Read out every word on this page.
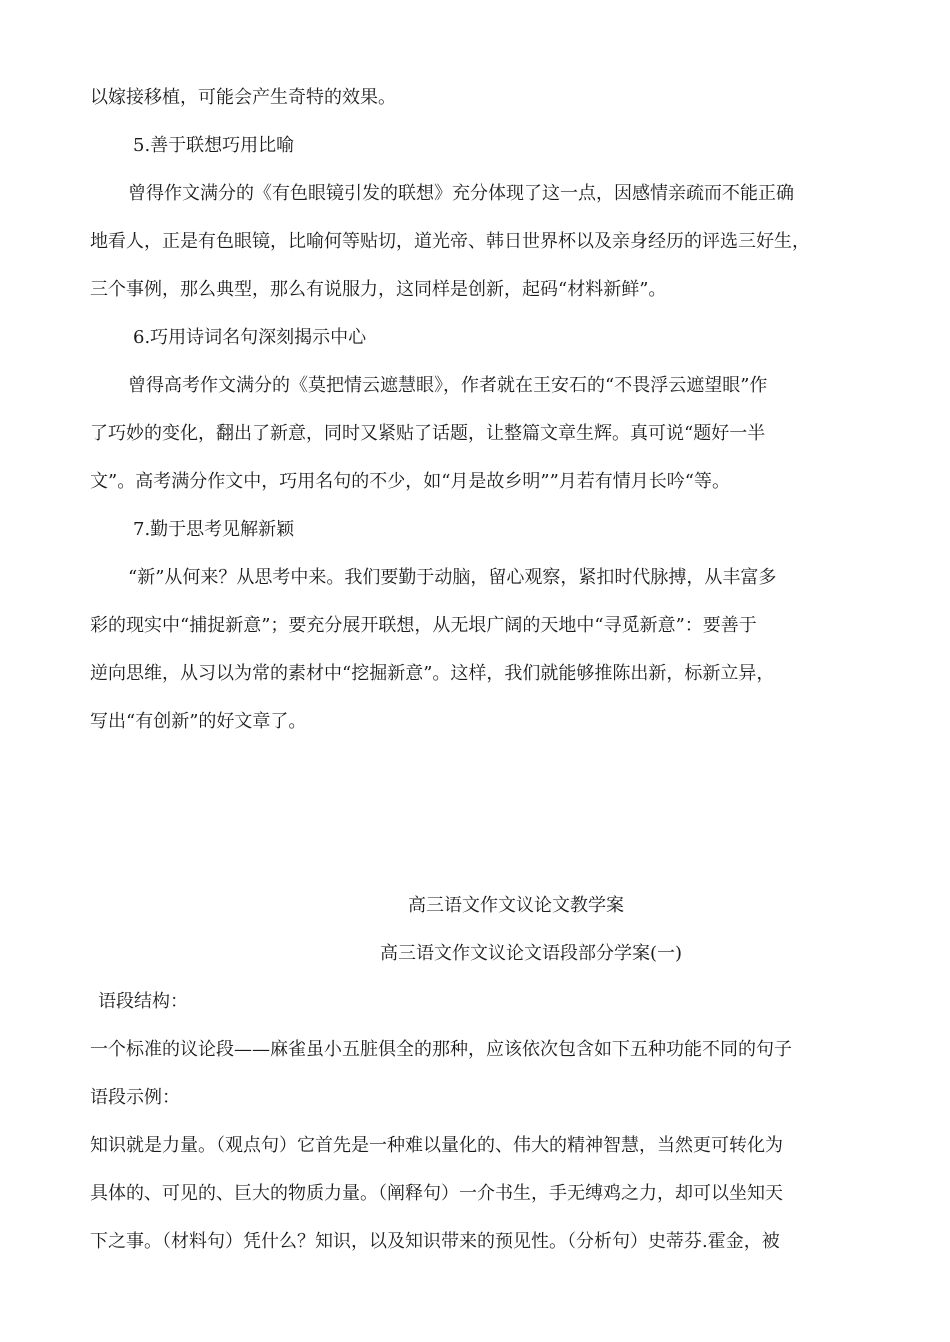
以嫁接移植，可能会产生奇特的效果。
5.善于联想巧用比喻
曾得作文满分的《有色眼镜引发的联想》充分体现了这一点，因感情亲疏而不能正确
地看人，正是有色眼镜，比喻何等贴切，道光帝、韩日世界杯以及亲身经历的评选三好生，
三个事例，那么典型，那么有说服力，这同样是创新，起码“材料新鲜”。
6.巧用诗词名句深刻揭示中心
曾得高考作文满分的《莫把情云遮慧眼》，作者就在王安石的“不畏浮云遮望眼”作
了巧妙的变化，翻出了新意，同时又紧贴了话题，让整篇文章生辉。真可说“题好一半
文”。高考满分作文中，巧用名句的不少，如“月是故乡明””月若有情月长吟“等。
7.勤于思考见解新颖
“新”从何来？从思考中来。我们要勤于动脑，留心观察，紧扣时代脉搏，从丰富多
彩的现实中“捕捉新意”；要充分展开联想，从无垠广阔的天地中“寻觅新意”：要善于
逆向思维，从习以为常的素材中“挖掘新意”。这样，我们就能够推陈出新，标新立异，
写出“有创新”的好文章了。
高三语文作文议论文教学案
高三语文作文议论文语段部分学案(一)
语段结构：
一个标准的议论段——麻雀虽小五脏俱全的那种，应该依次包含如下五种功能不同的句子
语段示例：
知识就是力量。（观点句）它首先是一种难以量化的、伟大的精神智慧，当然更可转化为
具体的、可见的、巨大的物质力量。（阐释句）一介书生，手无缚鸡之力，却可以坐知天
下之事。（材料句）凭什么？知识，以及知识带来的预见性。（分析句）史蒂芬.霍金，被
